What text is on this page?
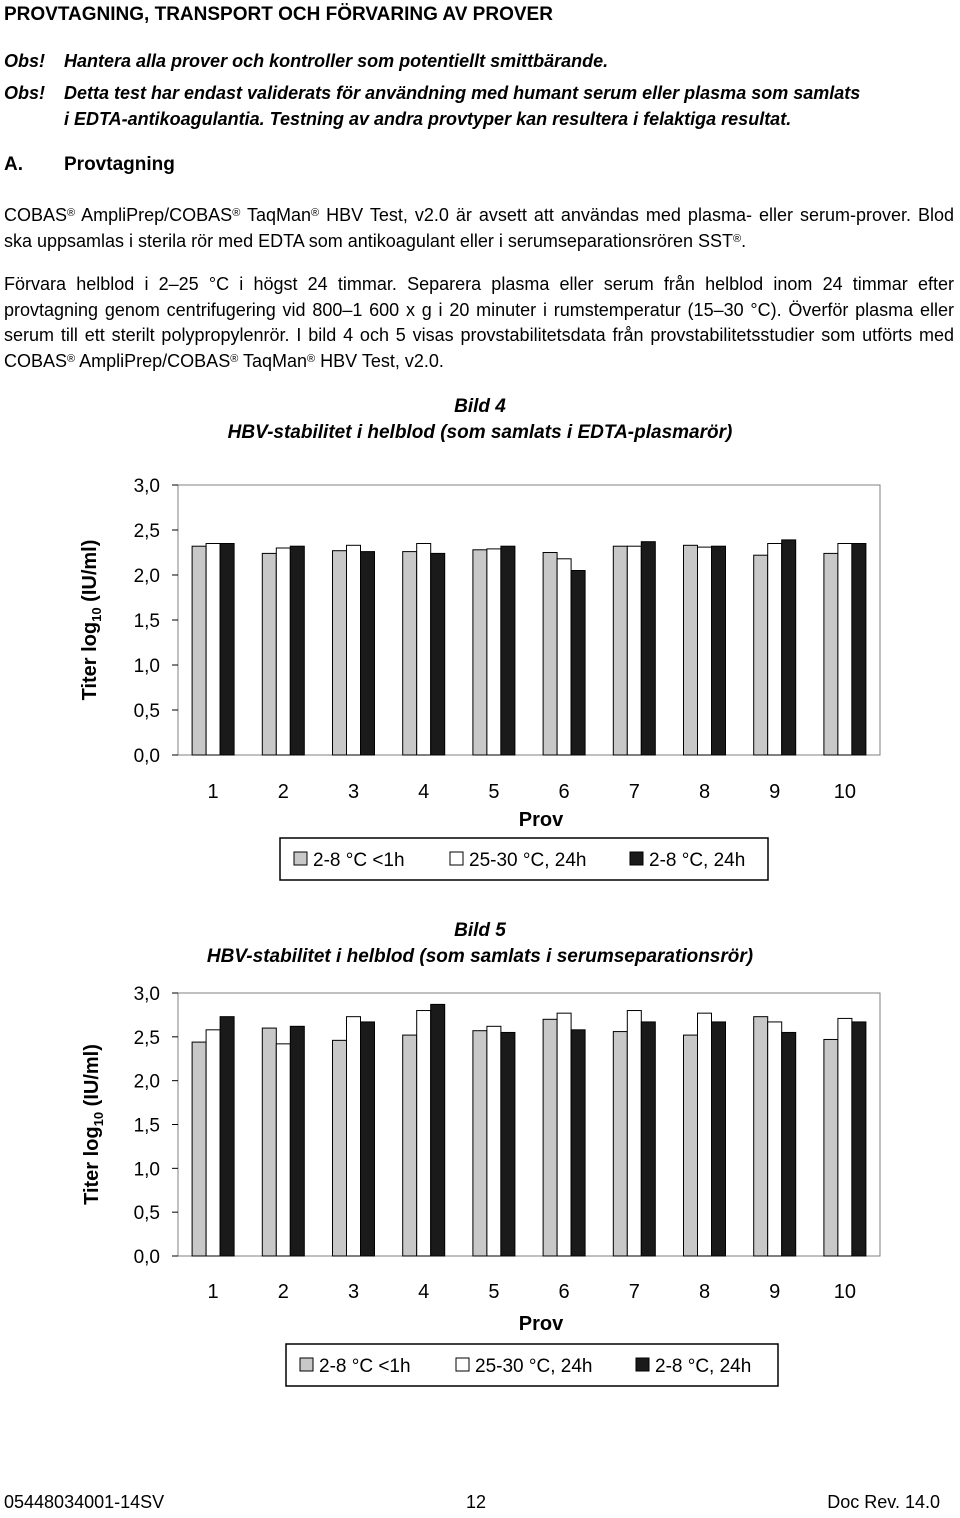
PROVTAGNING, TRANSPORT OCH FÖRVARING AV PROVER
Obs! Hantera alla prover och kontroller som potentiellt smittbärande.
Obs! Detta test har endast validerats för användning med humant serum eller plasma som samlats
i EDTA-antikoagulantia. Testning av andra provtyper kan resultera i felaktiga resultat.
A. Provtagning
COBAS® AmpliPrep/COBAS® TaqMan® HBV Test, v2.0 är avsett att användas med plasma- eller serum-prover. Blod ska uppsamlas i sterila rör med EDTA som antikoagulant eller i serumseparationsrören SST®.
Förvara helblod i 2–25 °C i högst 24 timmar. Separera plasma eller serum från helblod inom 24 timmar efter provtagning genom centrifugering vid 800–1 600 x g i 20 minuter i rumstemperatur (15–30 °C). Överför plasma eller serum till ett sterilt polypropylenrör. I bild 4 och 5 visas provstabilitetsdata från provstabilitetsstudier som utförts med COBAS® AmpliPrep/COBAS® TaqMan® HBV Test, v2.0.
Bild 4
HBV-stabilitet i helblod (som samlats i EDTA-plasmarör)
Bild 5
HBV-stabilitet i helblod (som samlats i serumseparationsrör)
0,0
0,5
1,0
1,5
2,0
2,5
3,0
Titer $\log_{10} (IU/ml)$
1	2	3	4	5	6	7	8	9	10
Prov
2-8 °C <1h	25-30 °C, 24h	2-8 °C, 24h
0,0
0,5
1,0
1,5
2,0
2,5
3,0
Titer $\log_{10} (IU/ml)$
1	2	3	4	5	6	7	8	9	10
Prov
2-8 °C <1h	25-30 °C, 24h	2-8 °C, 24h
05448034001-14SV	12	Doc Rev. 14.0
